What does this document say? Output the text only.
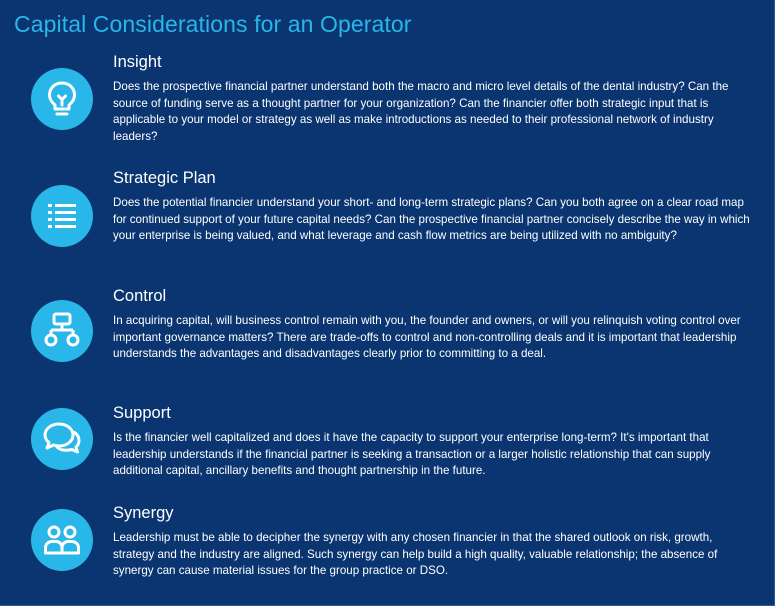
Capital Considerations for an Operator
Insight

Does the prospective financial partner understand both the macro and micro level details of the dental industry? Can the source of funding serve as a thought partner for your organization? Can the financier offer both strategic input that is applicable to your model or strategy as well as make introductions as needed to their professional network of industry leaders?

Strategic Plan

Does the potential financier understand your short- and long-term strategic plans? Can you both agree on a clear road map for continued support of your future capital needs? Can the prospective financial partner concisely describe the way in which your enterprise is being valued, and what leverage and cash flow metrics are being utilized with no ambiguity?

Control

In acquiring capital, will business control remain with you, the founder and owners, or will you relinquish voting control over important governance matters? There are trade-offs to control and non-controlling deals and it is important that leadership understands the advantages and disadvantages clearly prior to committing to a deal.

Support

Is the financier well capitalized and does it have the capacity to support your enterprise long-term? It's important that leadership understands if the financial partner is seeking a transaction or a larger holistic relationship that can supply additional capital, ancillary benefits and thought partnership in the future.

Synergy

Leadership must be able to decipher the synergy with any chosen financier in that the shared outlook on risk, growth, strategy and the industry are aligned. Such synergy can help build a high quality, valuable relationship; the absence of synergy can cause material issues for the group practice or DSO.
